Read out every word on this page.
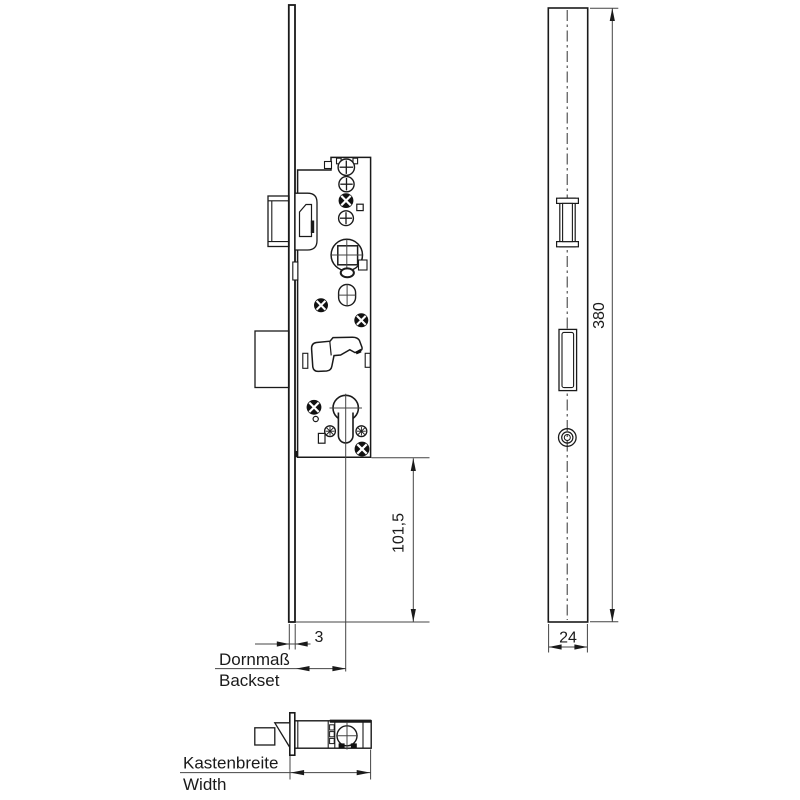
101,5
3
Dornmaß
Backset
380
24
Kastenbreite
Width
